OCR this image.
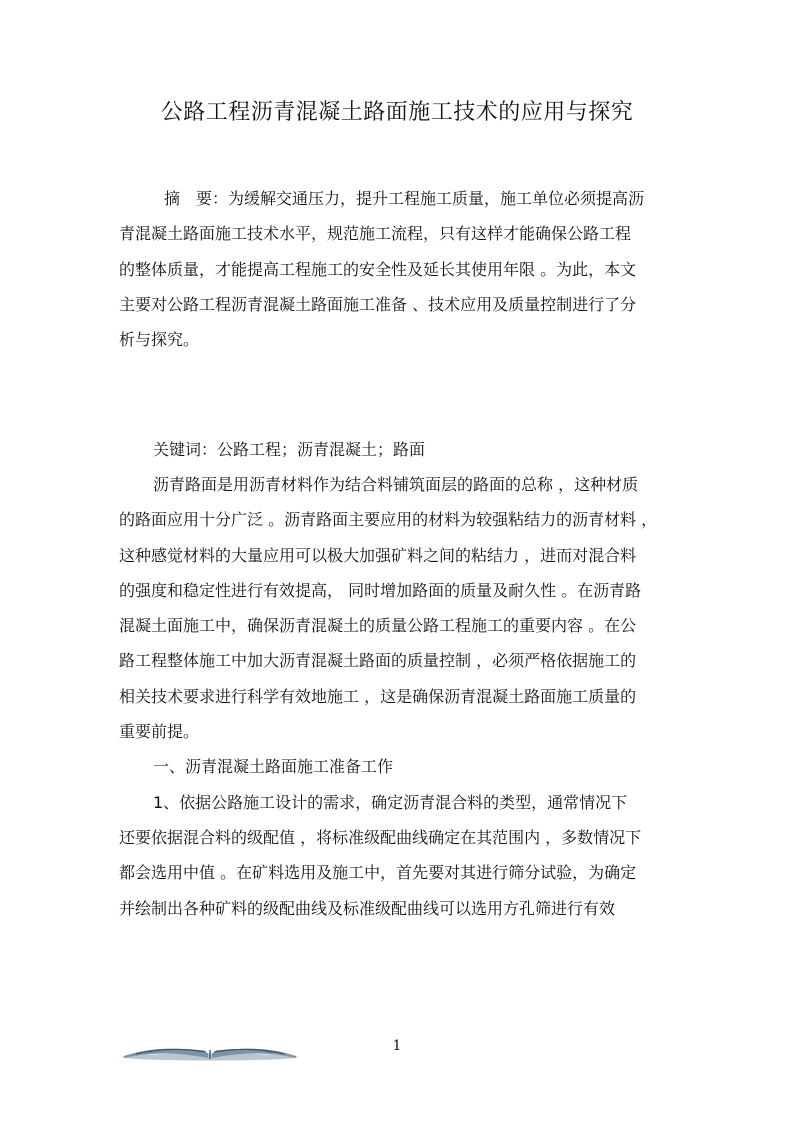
公路工程沥青混凝土路面施工技术的应用与探究

摘　要：为缓解交通压力，提升工程施工质量，施工单位必须提高沥

青混凝土路面施工技术水平，规范施工流程，只有这样才能确保公路工程

的整体质量，才能提高工程施工的安全性及延长其使用年限 。为此，本文

主要对公路工程沥青混凝土路面施工准备 、技术应用及质量控制进行了分

析与探究。

关键词：公路工程；沥青混凝土；路面

沥青路面是用沥青材料作为结合料铺筑面层的路面的总称 ，这种材质

的路面应用十分广泛 。沥青路面主要应用的材料为较强粘结力的沥青材料 ，

这种感觉材料的大量应用可以极大加强矿料之间的粘结力 ，进而对混合料

的强度和稳定性进行有效提高， 同时增加路面的质量及耐久性 。在沥青路

混凝土面施工中，确保沥青混凝土的质量公路工程施工的重要内容 。在公

路工程整体施工中加大沥青混凝土路面的质量控制 ，必须严格依据施工的

相关技术要求进行科学有效地施工 ，这是确保沥青混凝土路面施工质量的

重要前提。

一、沥青混凝土路面施工准备工作

1、依据公路施工设计的需求，确定沥青混合料的类型，通常情况下

还要依据混合料的级配值 ，将标准级配曲线确定在其范围内 ，多数情况下

都会选用中值 。在矿料选用及施工中，首先要对其进行筛分试验，为确定

并绘制出各种矿料的级配曲线及标准级配曲线可以选用方孔筛进行有效

1
